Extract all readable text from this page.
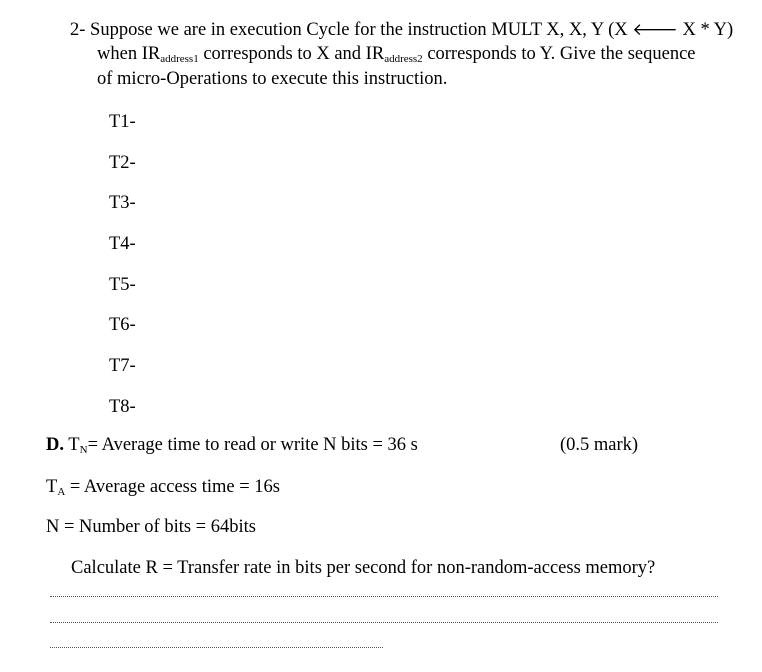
2- Suppose we are in execution Cycle for the instruction MULT X, X, Y (X 🡐 X * Y)
when $IR_{address1}$ corresponds to X and $IR_{address2}$ corresponds to Y. Give the sequence
of micro-Operations to execute this instruction.
T1-
T2-
T3-
T4-
T5-
T6-
T7-
T8-
D. $T_N=$ Average time to read or write N bits = 36 s	(0.5 mark)
$T_A$ = Average access time = 16s
N = Number of bits = 64bits
Calculate R = Transfer rate in bits per second for non-random-access memory?
